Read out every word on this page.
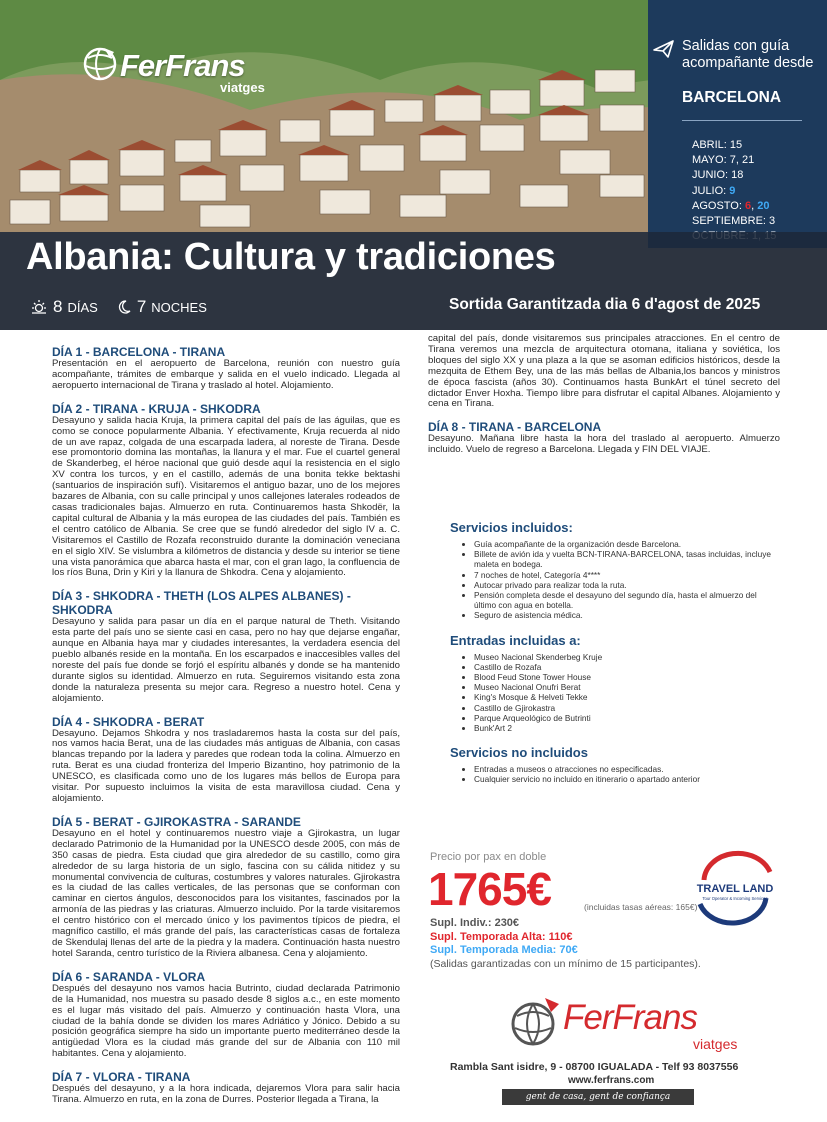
FerFrans
viatges
Salidas con guía acompañante desde
BARCELONA
ABRIL: 15
MAYO: 7, 21
JUNIO: 18
JULIO: 9
AGOSTO: 6, 20
SEPTIEMBRE: 3
Albania: Cultura y tradiciones
8 DÍAS 7 NOCHES	Sortida Garantitzada dia 6 d'agost de 2025
DÍA 1 - BARCELONA - TIRANA

Presentación en el aeropuerto de Barcelona, reunión con nuestro guía acompañante, trámites de embarque y salida en el vuelo indicado. Llegada al aeropuerto internacional de Tirana y traslado al hotel. Alojamiento.

DÍA 2 - TIRANA - KRUJA - SHKODRA

Desayuno y salida hacia Kruja, la primera capital del país de las águilas, que es como se conoce popularmente Albania. Y efectivamente, Kruja recuerda al nido de un ave rapaz, colgada de una escarpada ladera, al noreste de Tirana. Desde ese promontorio domina las montañas, la llanura y el mar. Fue el cuartel general de Skanderbeg, el héroe nacional que guió desde aquí la resistencia en el siglo XV contra los turcos, y en el castillo, además de una bonita tekke bektashi (santuarios de inspiración sufí). Visitaremos el antiguo bazar, uno de los mejores bazares de Albania, con su calle principal y unos callejones laterales rodeados de casas tradicionales bajas. Almuerzo en ruta. Continuaremos hasta Shkodër, la capital cultural de Albania y la más europea de las ciudades del país. También es el centro católico de Albania. Se cree que se fundó alrededor del siglo IV a. C. Visitaremos el Castillo de Rozafa reconstruido durante la dominación veneciana en el siglo XIV. Se vislumbra a kilómetros de distancia y desde su interior se tiene una vista panorámica que abarca hasta el mar, con el gran lago, la confluencia de los ríos Buna, Drin y Kiri y la llanura de Shkodra. Cena y alojamiento.

DÍA 3 - SHKODRA - THETH (LOS ALPES ALBANES) - SHKODRA

Desayuno y salida para pasar un día en el parque natural de Theth. Visitando esta parte del país uno se siente casi en casa, pero no hay que dejarse engañar, aunque en Albania haya mar y ciudades interesantes, la verdadera esencia del pueblo albanés reside en la montaña. En los escarpados e inaccesibles valles del noreste del país fue donde se forjó el espíritu albanés y donde se ha mantenido durante siglos su identidad. Almuerzo en ruta. Seguiremos visitando esta zona donde la naturaleza presenta su mejor cara. Regreso a nuestro hotel. Cena y alojamiento.

DÍA 4 - SHKODRA - BERAT

Desayuno. Dejamos Shkodra y nos trasladaremos hasta la costa sur del país, nos vamos hacia Berat, una de las ciudades más antiguas de Albania, con casas blancas trepando por la ladera y paredes que rodean toda la colina. Almuerzo en ruta. Berat es una ciudad fronteriza del Imperio Bizantino, hoy patrimonio de la UNESCO, es clasificada como uno de los lugares más bellos de Europa para visitar. Por supuesto incluimos la visita de esta maravillosa ciudad. Cena y alojamiento.

DÍA 5 - BERAT - GJIROKASTRA - SARANDE

Desayuno en el hotel y continuaremos nuestro viaje a Gjirokastra, un lugar declarado Patrimonio de la Humanidad por la UNESCO desde 2005, con más de 350 casas de piedra. Esta ciudad que gira alrededor de su castillo, como gira alrededor de su larga historia de un siglo, fascina con su cálida nitidez y su monumental convivencia de culturas, costumbres y valores naturales. Gjirokastra es la ciudad de las calles verticales, de las personas que se conforman con caminar en ciertos ángulos, desconocidos para los visitantes, fascinados por la armonía de las piedras y las criaturas. Almuerzo incluido. Por la tarde visitaremos el centro histórico con el mercado único y los pavimentos típicos de piedra, el magnífico castillo, el más grande del país, las características casas de fortaleza de Skendulaj llenas del arte de la piedra y la madera. Continuación hasta nuestro hotel Saranda, centro turístico de la Riviera albanesa. Cena y alojamiento.

DÍA 6 - SARANDA - VLORA

Después del desayuno nos vamos hacia Butrinto, ciudad declarada Patrimonio de la Humanidad, nos muestra su pasado desde 8 siglos a.c., en este momento es el lugar más visitado del país. Almuerzo y continuación hasta Vlora, una ciudad de la bahía donde se dividen los mares Adriático y Jónico. Debido a su posición geográfica siempre ha sido un importante puerto mediterráneo desde la antigüedad Vlora es la ciudad más grande del sur de Albania con 110 mil habitantes. Cena y alojamiento.

DÍA 7 - VLORA - TIRANA

Después del desayuno, y a la hora indicada, dejaremos Vlora para salir hacia Tirana. Almuerzo en ruta, en la zona de Durres. Posterior llegada a Tirana, la

capital del país, donde visitaremos sus principales atracciones. En el centro de Tirana veremos una mezcla de arquitectura otomana, italiana y soviética, los bloques del siglo XX y una plaza a la que se asoman edificios históricos, desde la mezquita de Ethem Bey, una de las más bellas de Albania,los bancos y ministros de época fascista (años 30). Continuamos hasta BunkArt el túnel secreto del dictador Enver Hoxha. Tiempo libre para disfrutar el capital Albanes. Alojamiento y cena en Tirana.

DÍA 8 - TIRANA - BARCELONA

Desayuno. Mañana libre hasta la hora del traslado al aeropuerto. Almuerzo incluido. Vuelo de regreso a Barcelona. Llegada y FIN DEL VIAJE.

Servicios incluidos:
• Guía acompañante de la organización desde Barcelona.
• Billete de avión ida y vuelta BCN-TIRANA-BARCELONA, tasas incluidas, incluye maleta en bodega.
• 7 noches de hotel, Categoría 4****
• Autocar privado para realizar toda la ruta.
• Pensión completa desde el desayuno del segundo día, hasta el almuerzo del último con agua en botella.
• Seguro de asistencia médica.
Entradas incluidas a:
• Museo Nacional Skenderbeg Kruje
• Castillo de Rozafa
• Blood Feud Stone Tower House
• Museo Nacional Onufri Berat
• King's Mosque & Helveti Tekke
• Castillo de Gjirokastra
• Parque Arqueológico de Butrinti
• Bunk'Art 2
Servicios no incluidos
• Entradas a museos o atracciones no especificadas.
• Cualquier servicio no incluido en itinerario o apartado anterior
Precio por pax en doble
1765€	(incluidas tasas aéreas: 165€)
Supl. Indiv.: 230€
Supl. Temporada Alta: 110€
Supl. Temporada Media: 70€
(Salidas garantizadas con un mínimo de 15 participantes).
TRAVEL LAND
Tour Operator & Incoming Services
FerFrans
viatges
Rambla Sant isidre, 9 - 08700 IGUALADA - Telf 93 8037556
www.ferfrans.com
gent de casa, gent de confiança
